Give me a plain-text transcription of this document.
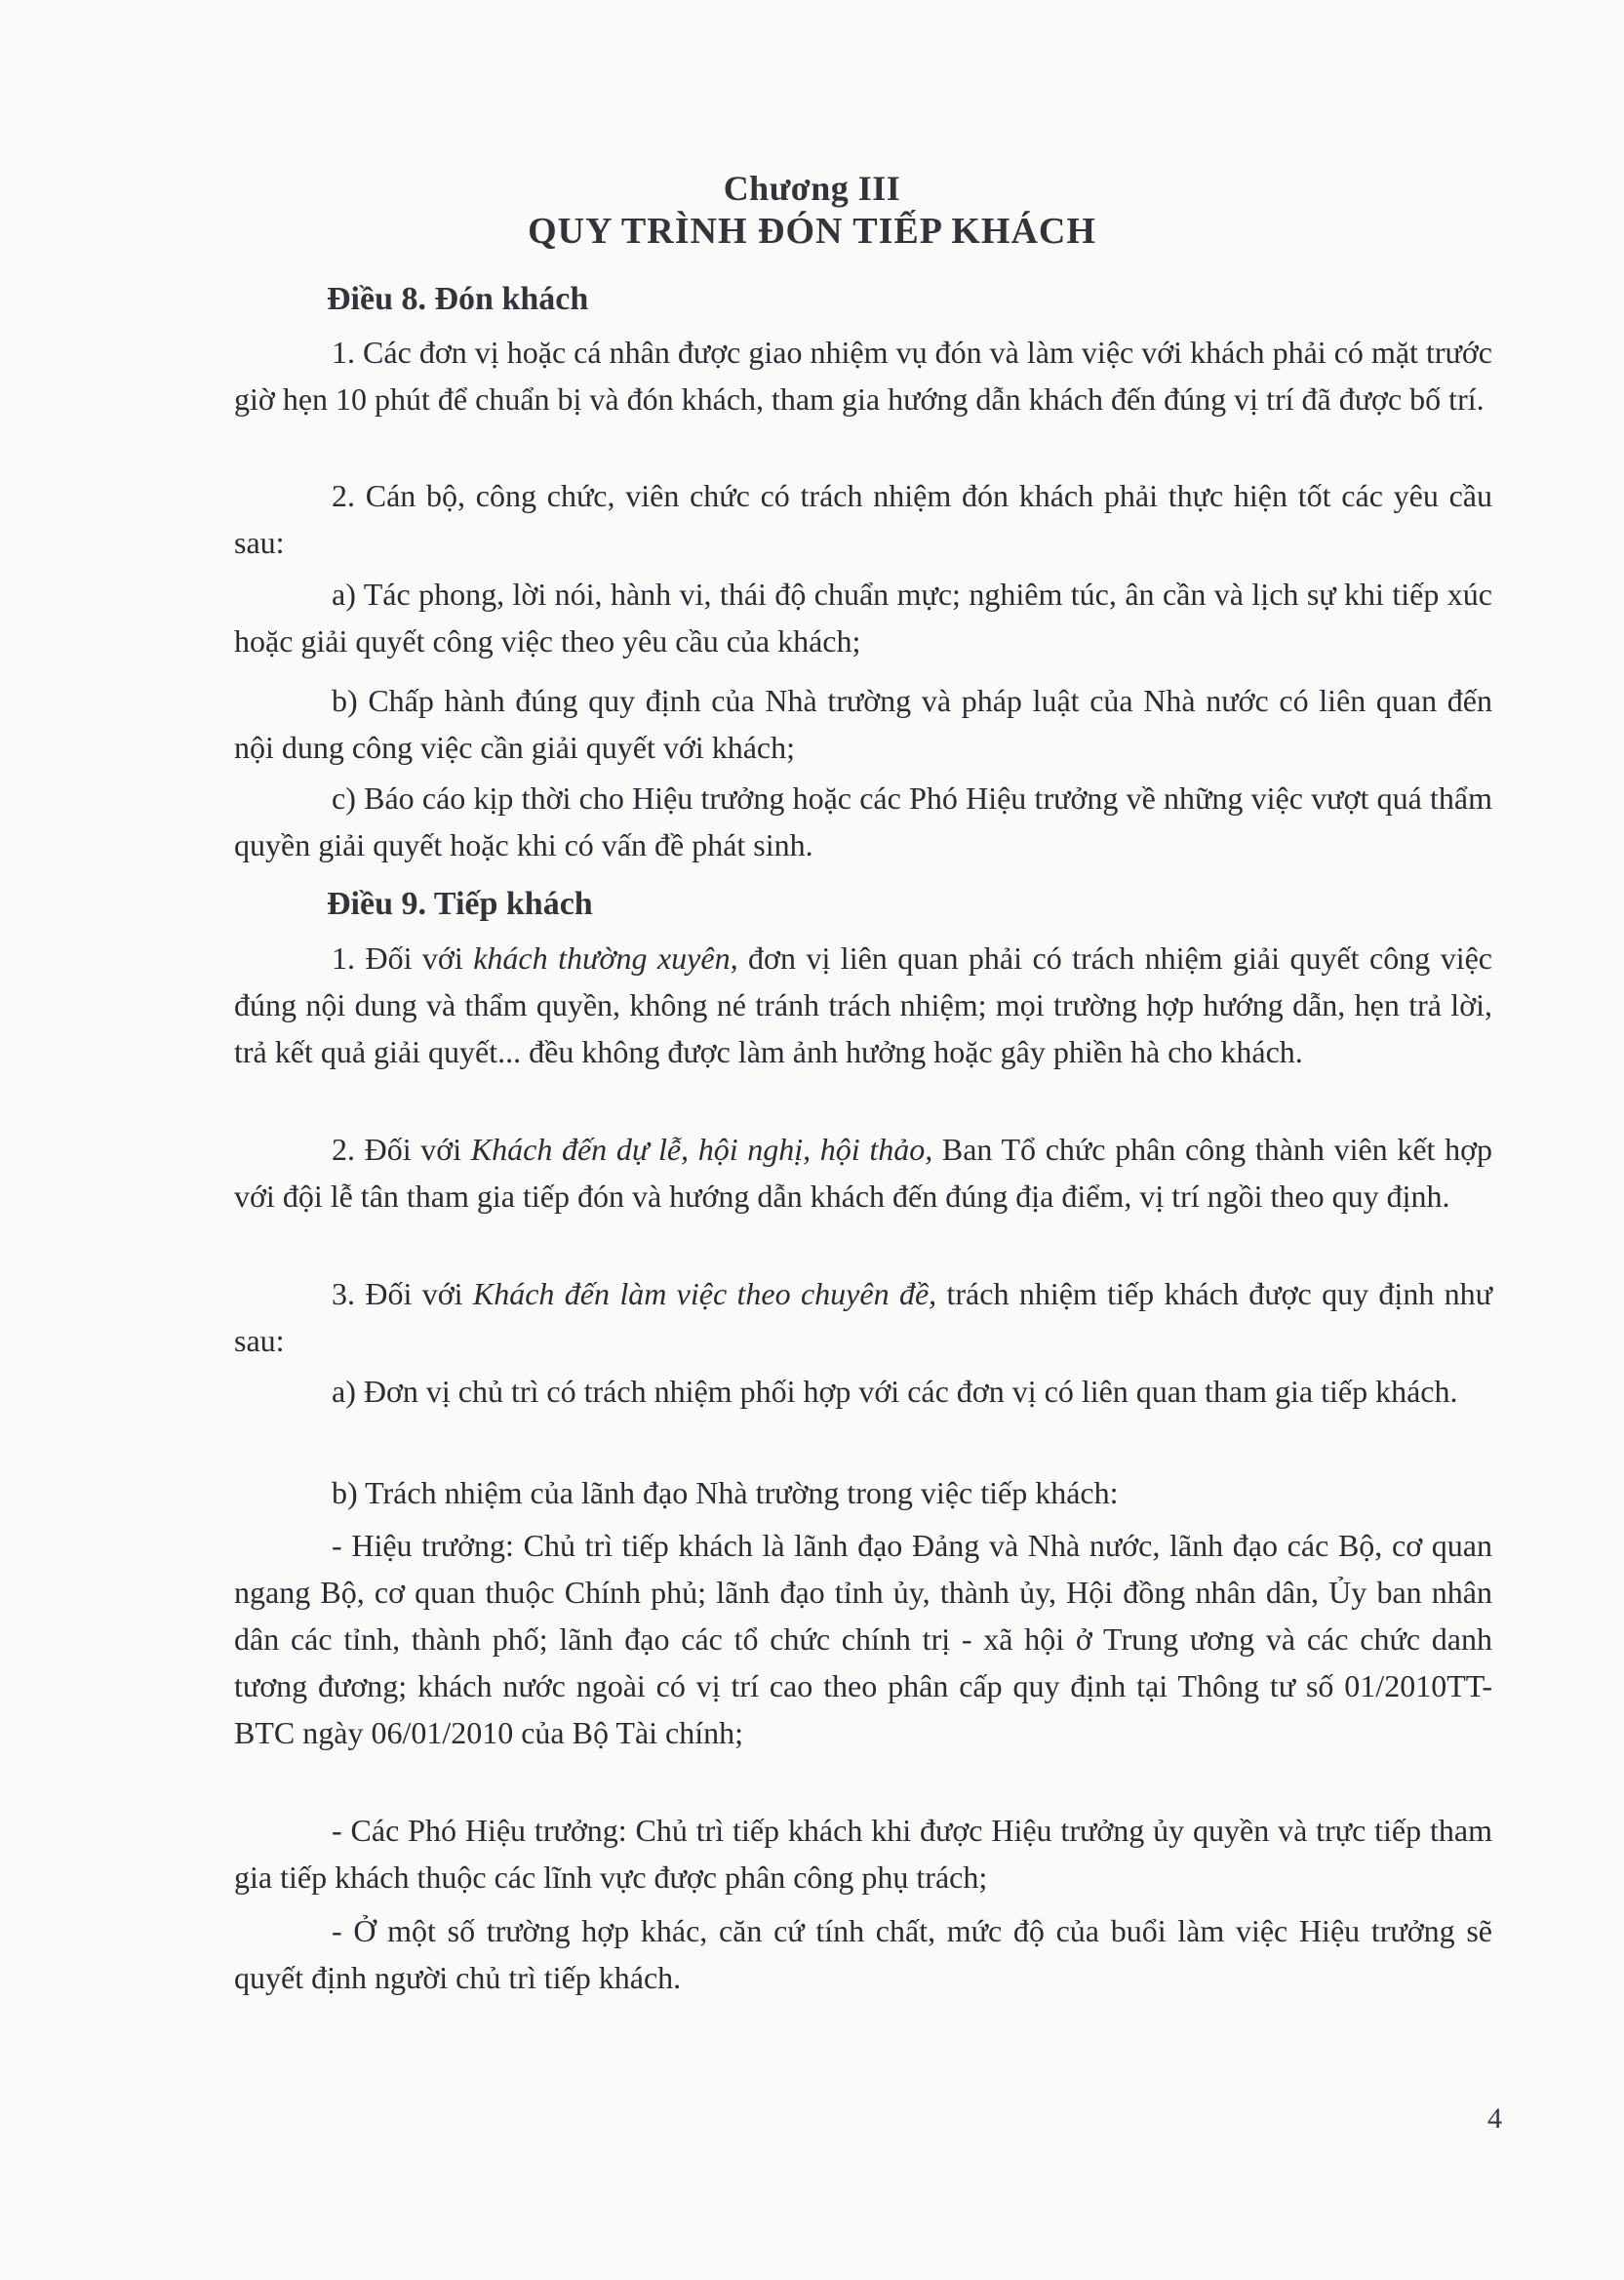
Chương III
QUY TRÌNH ĐÓN TIẾP KHÁCH
Điều 8. Đón khách
1. Các đơn vị hoặc cá nhân được giao nhiệm vụ đón và làm việc với khách phải có mặt trước giờ hẹn 10 phút để chuẩn bị và đón khách, tham gia hướng dẫn khách đến đúng vị trí đã được bố trí.
2. Cán bộ, công chức, viên chức có trách nhiệm đón khách phải thực hiện tốt các yêu cầu sau:
a) Tác phong, lời nói, hành vi, thái độ chuẩn mực; nghiêm túc, ân cần và lịch sự khi tiếp xúc hoặc giải quyết công việc theo yêu cầu của khách;
b) Chấp hành đúng quy định của Nhà trường và pháp luật của Nhà nước có liên quan đến nội dung công việc cần giải quyết với khách;
c) Báo cáo kịp thời cho Hiệu trưởng hoặc các Phó Hiệu trưởng về những việc vượt quá thẩm quyền giải quyết hoặc khi có vấn đề phát sinh.
Điều 9. Tiếp khách
1. Đối với khách thường xuyên, đơn vị liên quan phải có trách nhiệm giải quyết công việc đúng nội dung và thẩm quyền, không né tránh trách nhiệm; mọi trường hợp hướng dẫn, hẹn trả lời, trả kết quả giải quyết... đều không được làm ảnh hưởng hoặc gây phiền hà cho khách.
2. Đối với Khách đến dự lễ, hội nghị, hội thảo, Ban Tổ chức phân công thành viên kết hợp với đội lễ tân tham gia tiếp đón và hướng dẫn khách đến đúng địa điểm, vị trí ngồi theo quy định.
3. Đối với Khách đến làm việc theo chuyên đề, trách nhiệm tiếp khách được quy định như sau:
a) Đơn vị chủ trì có trách nhiệm phối hợp với các đơn vị có liên quan tham gia tiếp khách.
b) Trách nhiệm của lãnh đạo Nhà trường trong việc tiếp khách:
- Hiệu trưởng: Chủ trì tiếp khách là lãnh đạo Đảng và Nhà nước, lãnh đạo các Bộ, cơ quan ngang Bộ, cơ quan thuộc Chính phủ; lãnh đạo tỉnh ủy, thành ủy, Hội đồng nhân dân, Ủy ban nhân dân các tỉnh, thành phố; lãnh đạo các tổ chức chính trị - xã hội ở Trung ương và các chức danh tương đương; khách nước ngoài có vị trí cao theo phân cấp quy định tại Thông tư số 01/2010TT-BTC ngày 06/01/2010 của Bộ Tài chính;
- Các Phó Hiệu trưởng: Chủ trì tiếp khách khi được Hiệu trưởng ủy quyền và trực tiếp tham gia tiếp khách thuộc các lĩnh vực được phân công phụ trách;
- Ở một số trường hợp khác, căn cứ tính chất, mức độ của buổi làm việc Hiệu trưởng sẽ quyết định người chủ trì tiếp khách.
4
